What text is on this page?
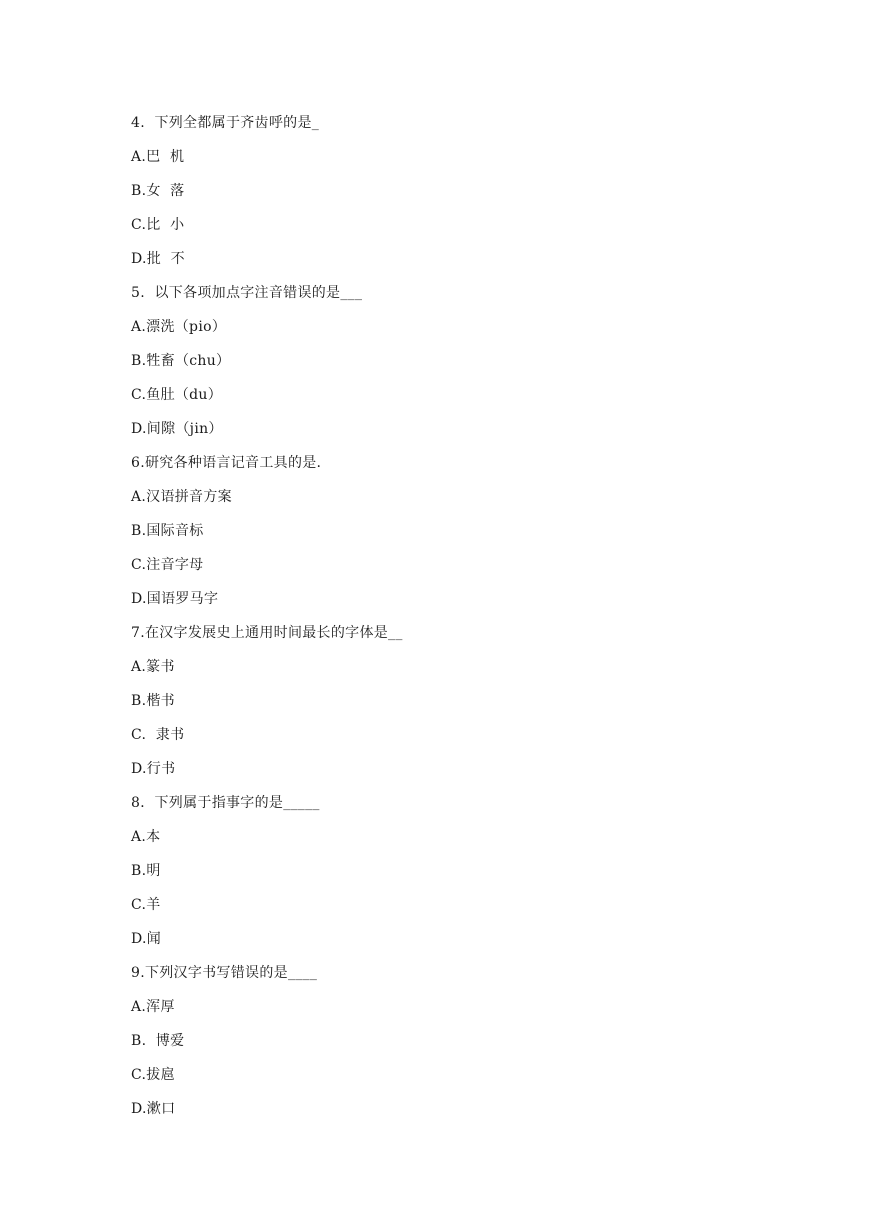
4.  下列全都属于齐齿呼的是_
A.巴  机
B.女  落
C.比  小
D.批  不
5.  以下各项加点字注音错误的是___
A.漂洗（pio）
B.牲畜（chu）
C.鱼肚（du）
D.间隙（jin）
6.研究各种语言记音工具的是.
A.汉语拼音方案
B.国际音标
C.注音字母
D.国语罗马字
7.在汉字发展史上通用时间最长的字体是__
A.篆书
B.楷书
C.  隶书
D.行书
8．下列属于指事字的是_____
A.本
B.明
C.羊
D.闻
9.下列汉字书写错误的是____
A.浑厚
B.  博爱
C.拔扈
D.漱口
